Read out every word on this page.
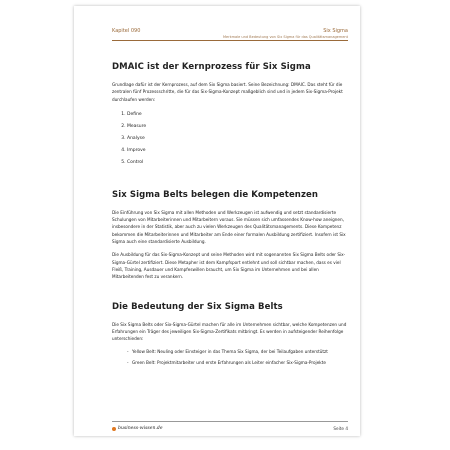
Kapitel 090	Six Sigma
Merkmale und Bedeutung von Six Sigma für das Qualitätsmanagement
DMAIC ist der Kernprozess für Six Sigma

Grundlage dafür ist der Kernprozess, auf dem Six Sigma basiert. Seine Bezeichnung: DMAIC. Das steht für die zentralen fünf Prozessschritte, die für das Six-Sigma-Konzept maßgeblich sind und in jedem Six-Sigma-Projekt durchlaufen werden:

1. Define
2. Measure
3. Analyse
4. Improve
5. Control
Six Sigma Belts belegen die Kompetenzen

Die Einführung von Six Sigma mit allen Methoden und Werkzeugen ist aufwendig und setzt standardisierte Schulungen von Mitarbeiterinnen und Mitarbeitern voraus. Sie müssen sich umfassendes Know-how aneignen, insbesondere in der Statistik, aber auch zu vielen Werkzeugen des Qualitätsmanagements. Diese Kompetenz bekommen die Mitarbeiterinnen und Mitarbeiter am Ende einer formalen Ausbildung zertifiziert. Insofern ist Six Sigma auch eine standardisierte Ausbildung.

Die Ausbildung für das Six-Sigma-Konzept und seine Methoden wird mit sogenannten Six Sigma Belts oder Six-Sigma-Gürtel zertifiziert. Diese Metapher ist dem Kampfsport entlehnt und soll sichtbar machen, dass es viel Fleiß, Training, Ausdauer und Kampfeswillen braucht, um Six Sigma im Unternehmen und bei allen Mitarbeitenden fest zu verankern.

Die Bedeutung der Six Sigma Belts

Die Six Sigma Belts oder Six-Sigma-Gürtel machen für alle im Unternehmen sichtbar, welche Kompetenzen und Erfahrungen ein Träger des jeweiligen Six-Sigma-Zertifikats mitbringt. Es werden in aufsteigender Reihenfolge unterschieden:

- Yellow Belt: Neuling oder Einsteiger in das Thema Six Sigma, der bei Teilaufgaben unterstützt
- Green Belt: Projektmitarbeiter und erste Erfahrungen als Leiter einfacher Six-Sigma-Projekte
business-wissen.de	Seite 4
